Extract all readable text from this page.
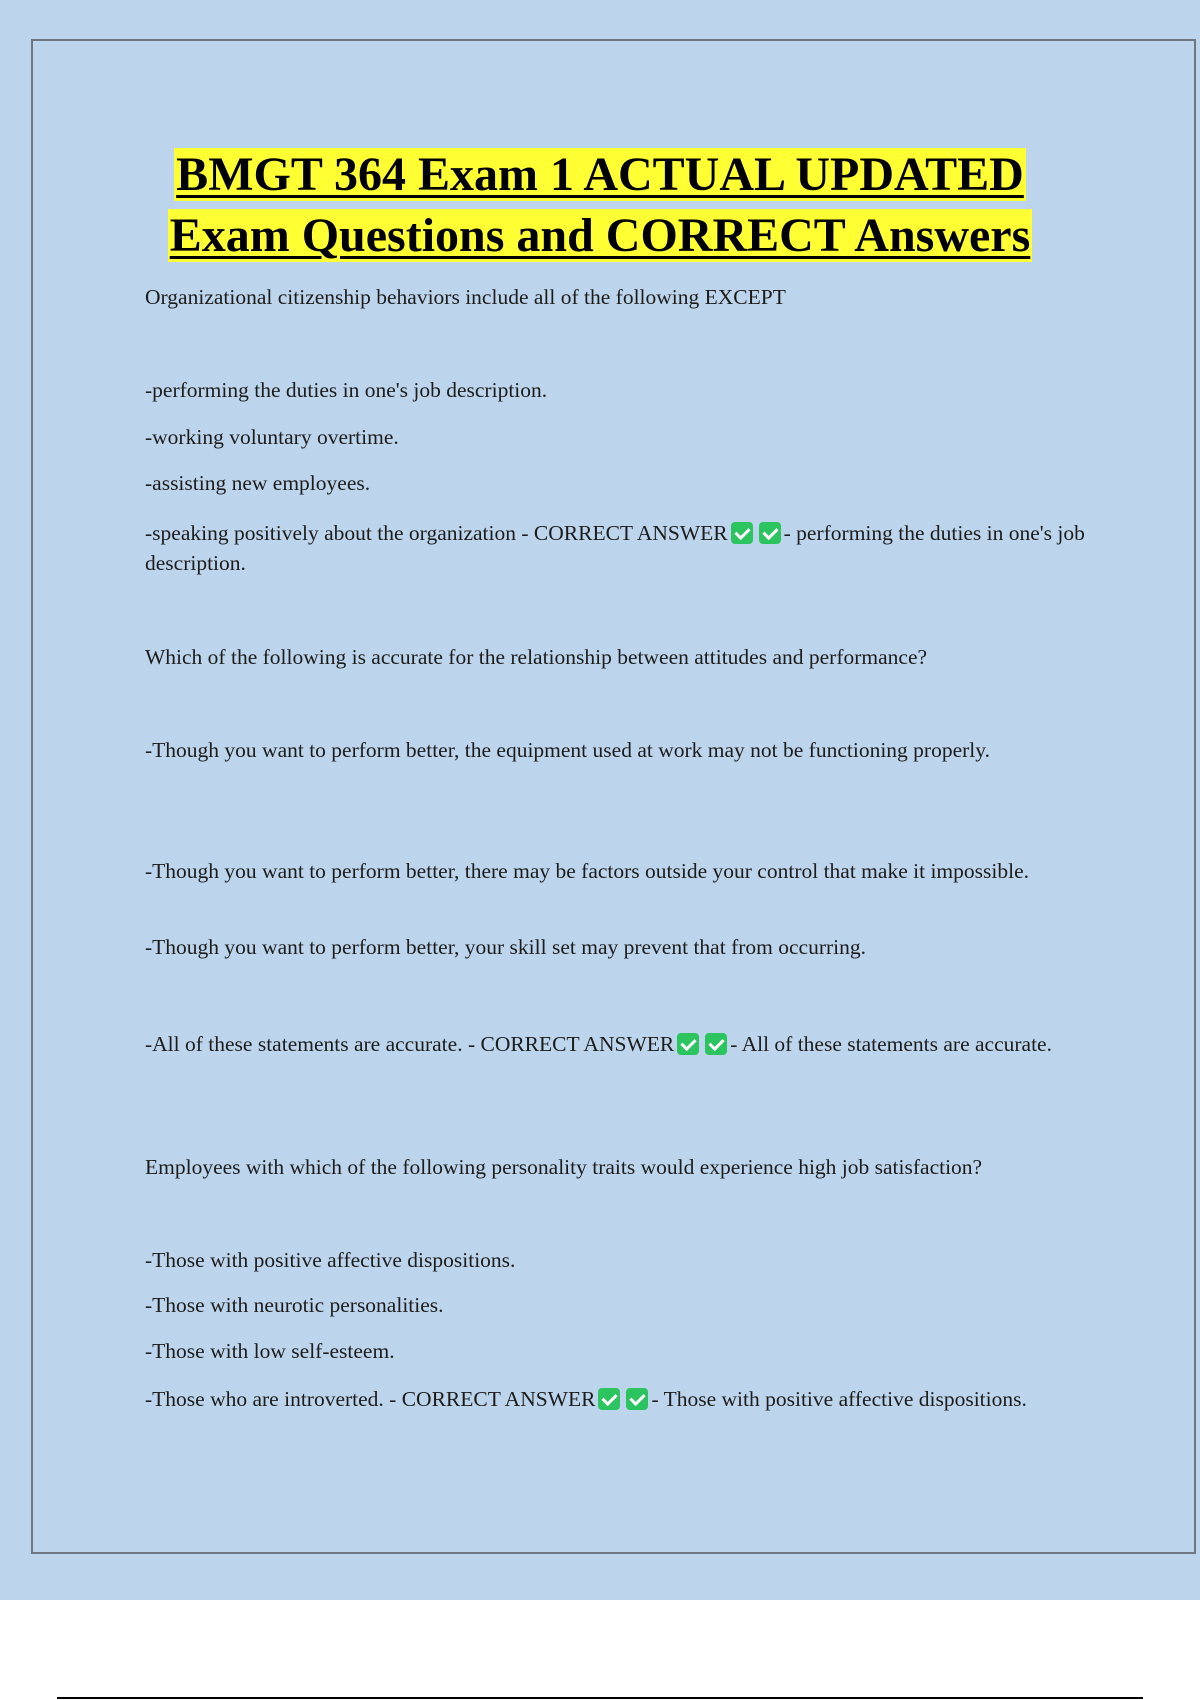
BMGT 364 Exam 1 ACTUAL UPDATED
Exam Questions and CORRECT Answers

Organizational citizenship behaviors include all of the following EXCEPT

-performing the duties in one's job description.

-working voluntary overtime.

-assisting new employees.

-speaking positively about the organization - CORRECT ANSWER	- performing the duties in one's job description.

Which of the following is accurate for the relationship between attitudes and performance?

-Though you want to perform better, the equipment used at work may not be functioning properly.

-Though you want to perform better, there may be factors outside your control that make it impossible.

-Though you want to perform better, your skill set may prevent that from occurring.

-All of these statements are accurate. - CORRECT ANSWER	- All of these statements are accurate.

Employees with which of the following personality traits would experience high job satisfaction?

-Those with positive affective dispositions.

-Those with neurotic personalities.

-Those with low self-esteem.

-Those who are introverted. - CORRECT ANSWER	- Those with positive affective dispositions.
